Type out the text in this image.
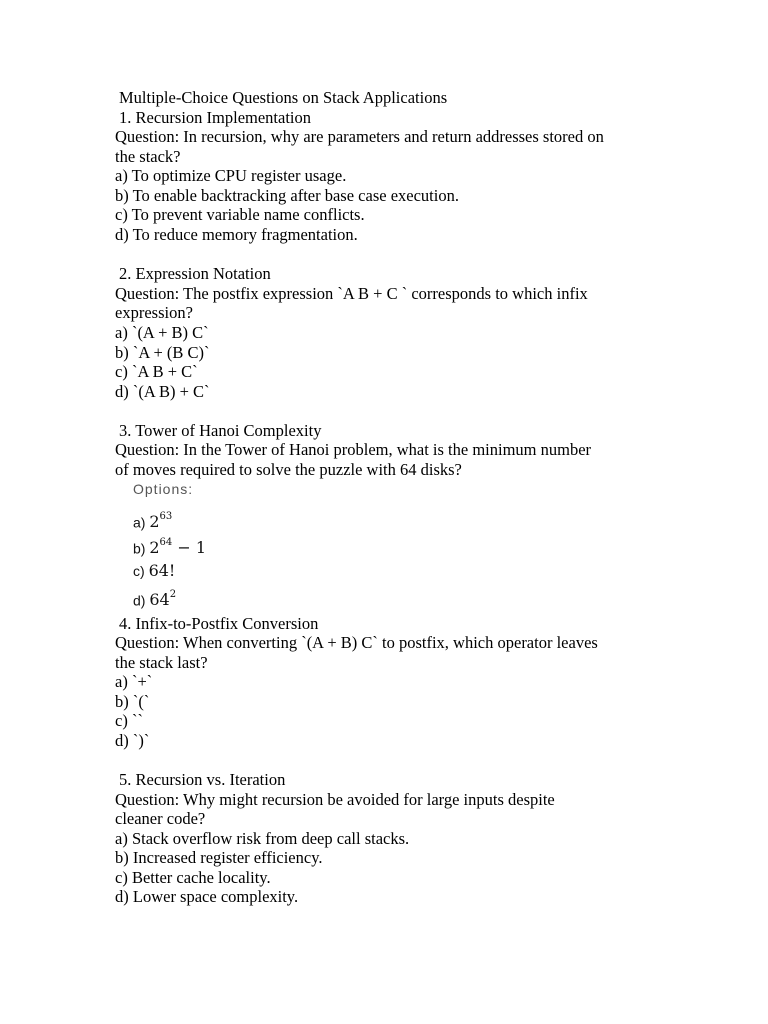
Multiple-Choice Questions on Stack Applications
1. Recursion Implementation
Question: In recursion, why are parameters and return addresses stored on
the stack?
a) To optimize CPU register usage.
b) To enable backtracking after base case execution.
c) To prevent variable name conflicts.
d) To reduce memory fragmentation.
2. Expression Notation
Question: The postfix expression `A B + C ` corresponds to which infix
expression?
a) `(A + B) C`
b) `A + (B C)`
c) `A B + C`
d) `(A B) + C`
3. Tower of Hanoi Complexity
Question: In the Tower of Hanoi problem, what is the minimum number
of moves required to solve the puzzle with 64 disks?
Options:
a) $2^{63}$
b) $2^{64} - 1$
c) 64!
d) $64^2$
4. Infix-to-Postfix Conversion
Question: When converting `(A + B) C` to postfix, which operator leaves
the stack last?
a) `+`
b) `(`
c) ``
d) `)`
5. Recursion vs. Iteration
Question: Why might recursion be avoided for large inputs despite
cleaner code?
a) Stack overflow risk from deep call stacks.
b) Increased register efficiency.
c) Better cache locality.
d) Lower space complexity.
